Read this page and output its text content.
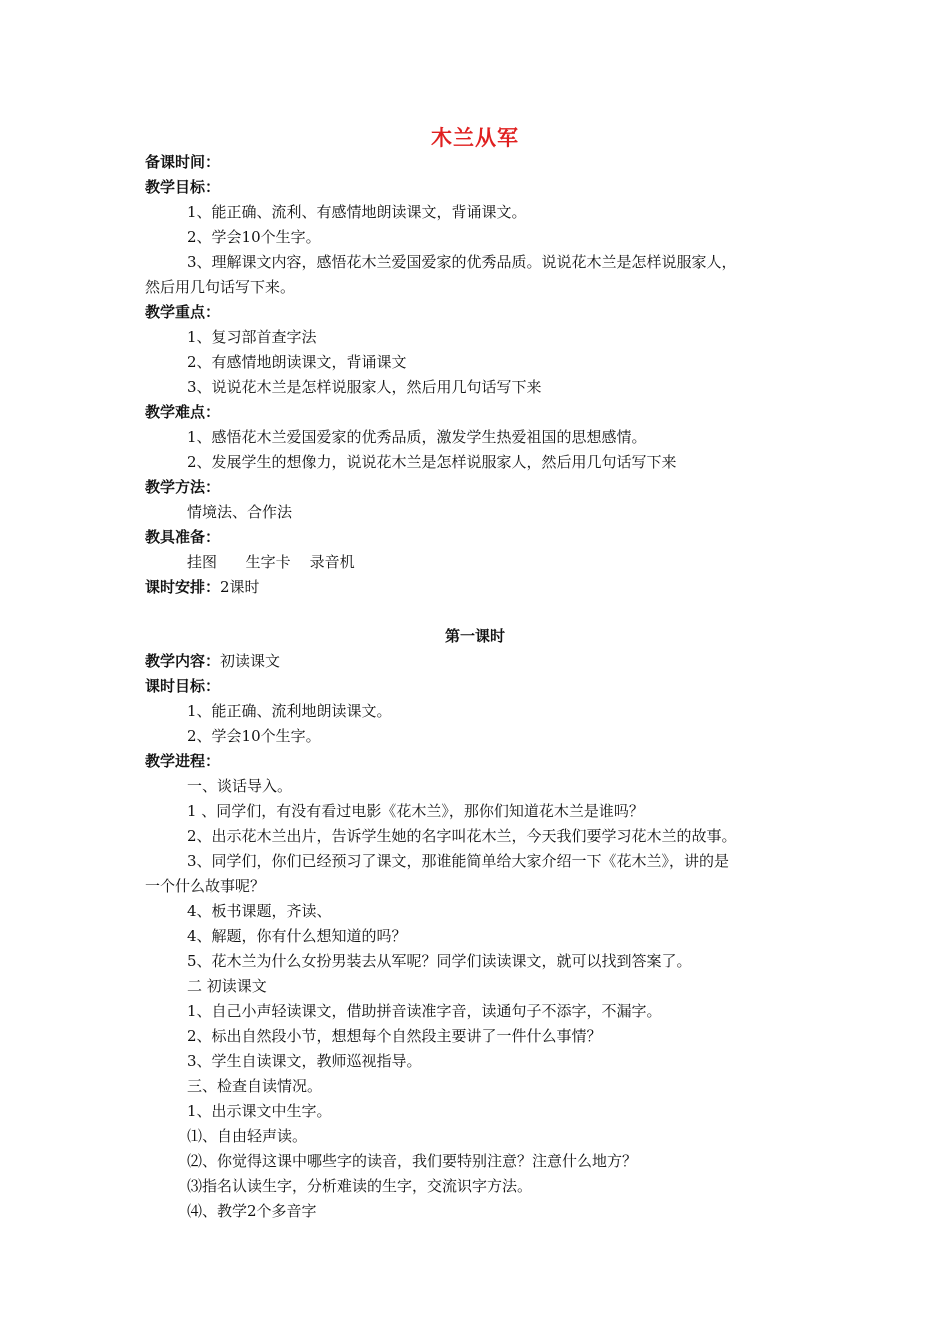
木兰从军
备课时间：
教学目标：
1、能正确、流利、有感情地朗读课文，背诵课文。
2、学会10个生字。
3、理解课文内容，感悟花木兰爱国爱家的优秀品质。说说花木兰是怎样说服家人，
然后用几句话写下来。
教学重点：
1、复习部首查字法
2、有感情地朗读课文，背诵课文
3、说说花木兰是怎样说服家人，然后用几句话写下来
教学难点：
1、感悟花木兰爱国爱家的优秀品质，激发学生热爱祖国的思想感情。
2、发展学生的想像力，说说花木兰是怎样说服家人，然后用几句话写下来
教学方法：
情境法、合作法
教具准备：
挂图      生字卡    录音机
课时安排：2课时
第一课时
教学内容：初读课文
课时目标：
1、能正确、流利地朗读课文。
2、学会10个生字。
教学进程：
一、谈话导入。
1 、同学们，有没有看过电影《花木兰》，那你们知道花木兰是谁吗？
2、出示花木兰出片，告诉学生她的名字叫花木兰，今天我们要学习花木兰的故事。
3、同学们，你们已经预习了课文，那谁能简单给大家介绍一下《花木兰》，讲的是
一个什么故事呢？
4、板书课题，齐读、
4、解题，你有什么想知道的吗？
5、花木兰为什么女扮男装去从军呢？同学们读读课文，就可以找到答案了。
二 初读课文
1、自己小声轻读课文，借助拼音读准字音，读通句子不添字，不漏字。
2、标出自然段小节，想想每个自然段主要讲了一件什么事情？
3、学生自读课文，教师巡视指导。
三、检查自读情况。
1、出示课文中生字。
⑴、自由轻声读。
⑵、你觉得这课中哪些字的读音，我们要特别注意？注意什么地方？
⑶指名认读生字，分析难读的生字，交流识字方法。
⑷、教学2个多音字
